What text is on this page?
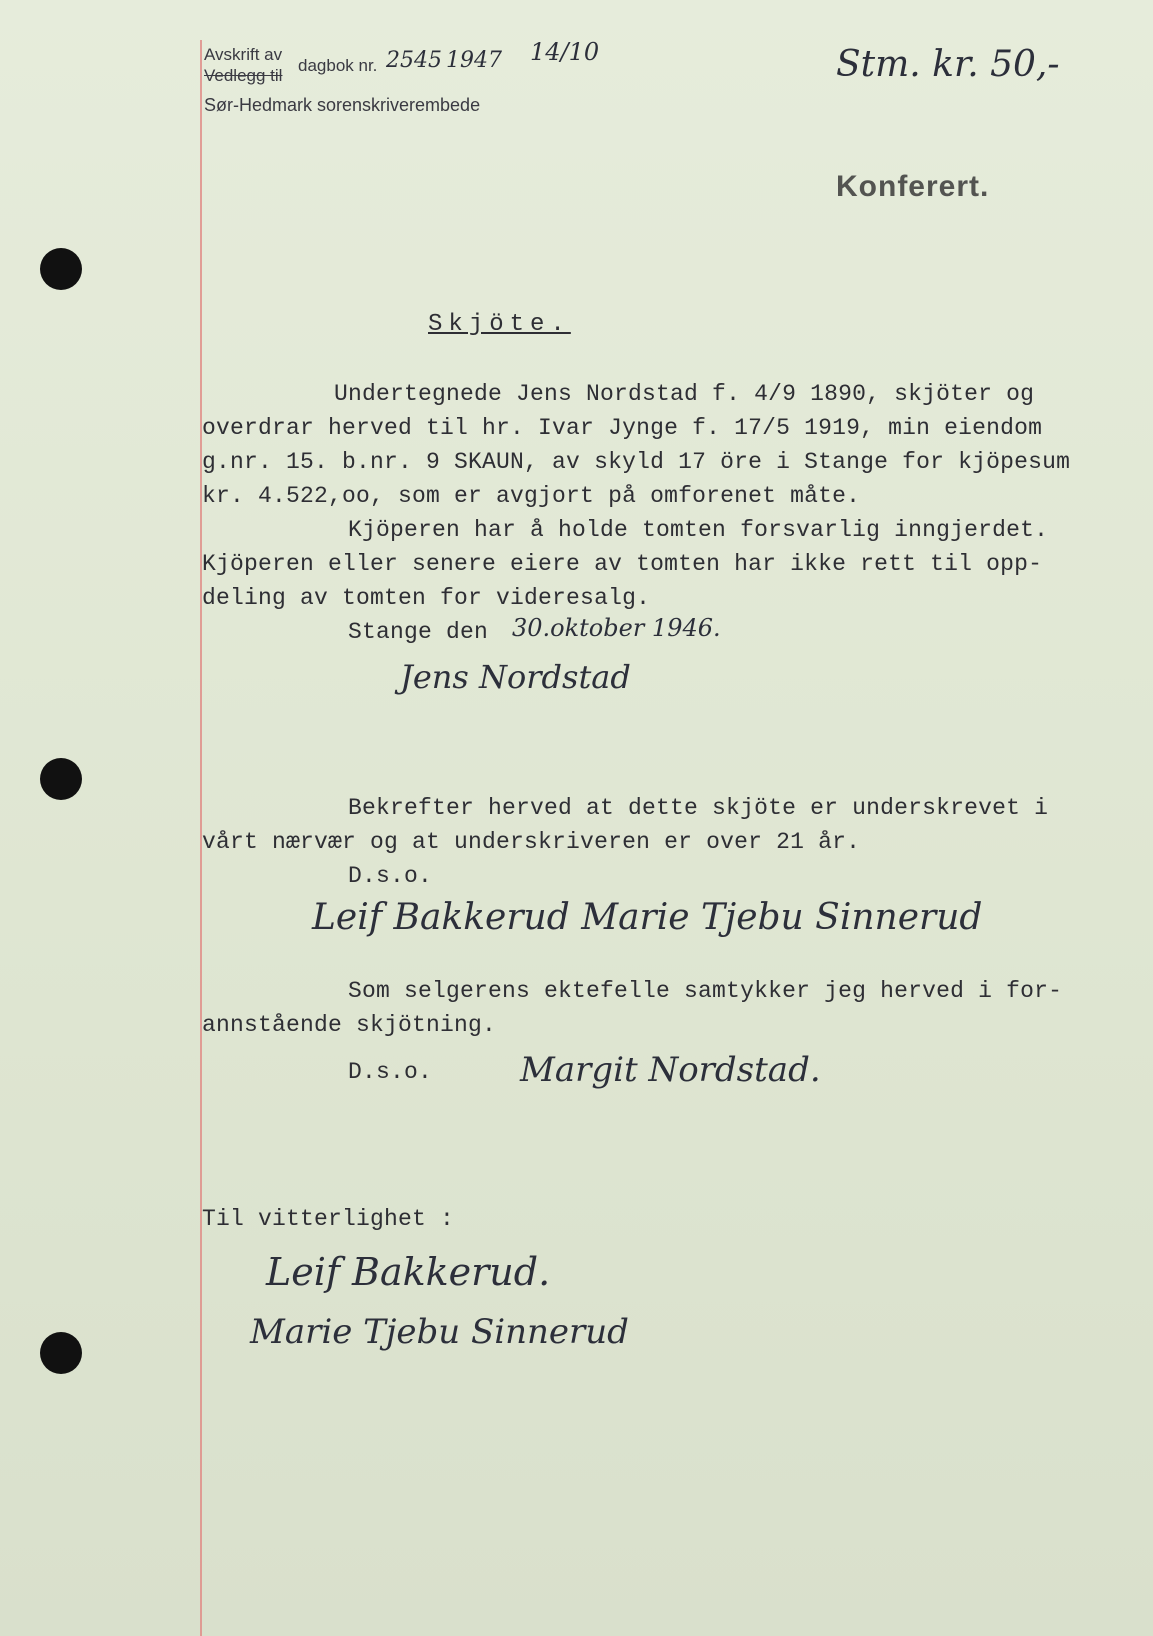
Avskrift av
Vedlegg til
dagbok nr. 2545 1947 14/10
Sør-Hedmark sorenskriverembede
Stm. kr. 50,-
Konferert.
Skjöte.
Undertegnede Jens Nordstad f. 4/9 1890, skjöter og
overdrar herved til hr. Ivar Jynge f. 17/5 1919, min eiendom
g.nr. 15. b.nr. 9 SKAUN, av skyld 17 öre i Stange for kjöpesum
kr. 4.522,oo, som er avgjort på omforenet måte.
Kjöperen har å holde tomten forsvarlig inngjerdet.
Kjöperen eller senere eiere av tomten har ikke rett til opp-
deling av tomten for videresalg.
Stange den 30.oktober 1946.
Jens Nordstad
Bekrefter herved at dette skjöte er underskrevet i
vårt nærvær og at underskriveren er over 21 år.
D.s.o.
Leif Bakkerud Marie Tjebu Sinnerud
Som selgerens ektefelle samtykker jeg herved i for-
annstående skjötning.
D.s.o.	Margit Nordstad.
Til vitterlighet :
Leif Bakkerud.
Marie Tjebu Sinnerud
